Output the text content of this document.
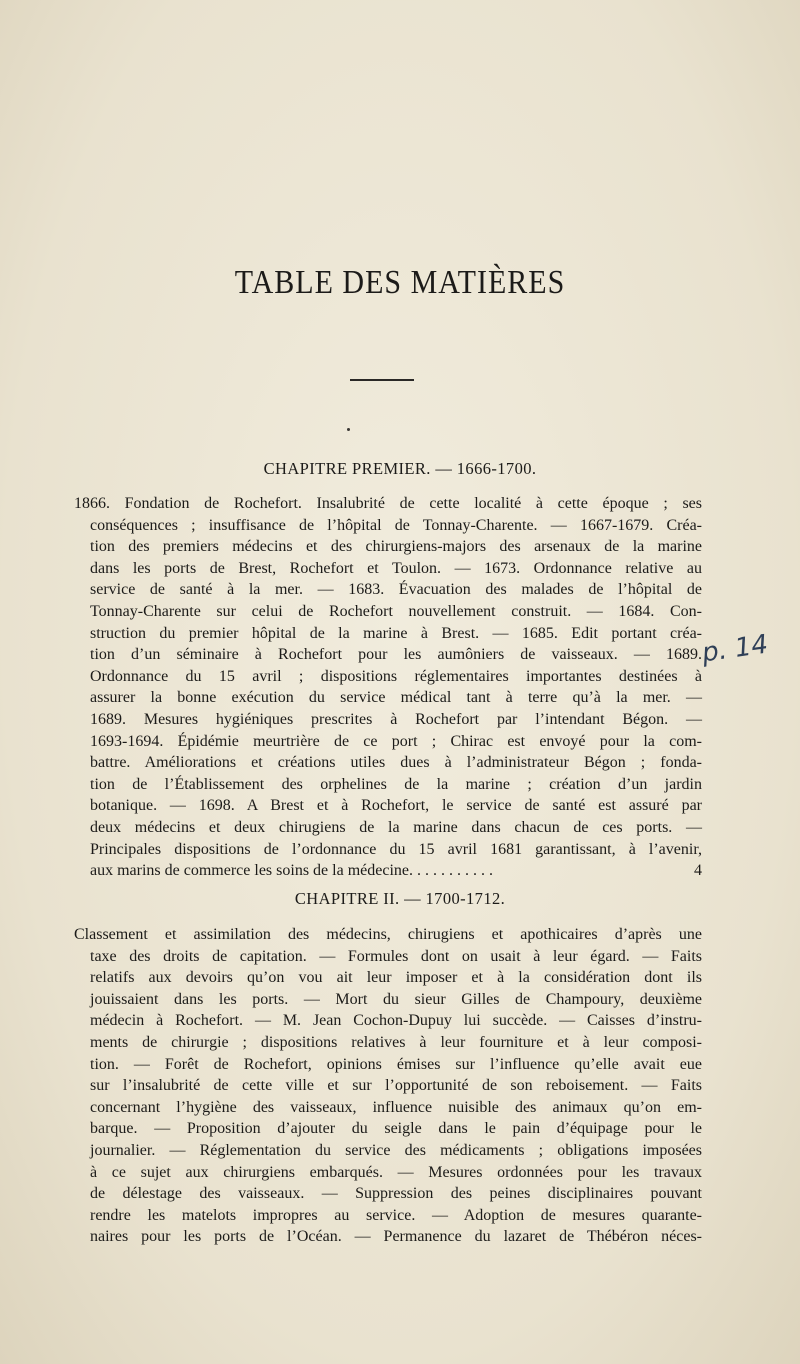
TABLE DES MATIÈRES
CHAPITRE PREMIER. — 1666-1700.
1866. Fondation de Rochefort. Insalubrité de cette localité à cette époque ; ses
conséquences ; insuffisance de l’hôpital de Tonnay-Charente. — 1667-1679. Créa-
tion des premiers médecins et des chirurgiens-majors des arsenaux de la marine
dans les ports de Brest, Rochefort et Toulon. — 1673. Ordonnance relative au
service de santé à la mer. — 1683. Évacuation des malades de l’hôpital de
Tonnay-Charente sur celui de Rochefort nouvellement construit. — 1684. Con-
struction du premier hôpital de la marine à Brest. — 1685. Edit portant créa-
tion d’un séminaire à Rochefort pour les aumôniers de vaisseaux. — 1689.
Ordonnance du 15 avril ; dispositions réglementaires importantes destinées à
assurer la bonne exécution du service médical tant à terre qu’à la mer. —
1689. Mesures hygiéniques prescrites à Rochefort par l’intendant Bégon. —
1693-1694. Épidémie meurtrière de ce port ; Chirac est envoyé pour la com-
battre. Améliorations et créations utiles dues à l’administrateur Bégon ; fonda-
tion de l’Établissement des orphelines de la marine ; création d’un jardin
botanique. — 1698. A Brest et à Rochefort, le service de santé est assuré par
deux médecins et deux chirugiens de la marine dans chacun de ces ports. —
Principales dispositions de l’ordonnance du 15 avril 1681 garantissant, à l’avenir,
aux marins de commerce les soins de la médecine. . . . . . . . . . .	4
p. 14
CHAPITRE II. — 1700-1712.
Classement et assimilation des médecins, chirugiens et apothicaires d’après une
taxe des droits de capitation. — Formules dont on usait à leur égard. — Faits
relatifs aux devoirs qu’on vou ait leur imposer et à la considération dont ils
jouissaient dans les ports. — Mort du sieur Gilles de Champoury, deuxième
médecin à Rochefort. — M. Jean Cochon-Dupuy lui succède. — Caisses d’instru-
ments de chirurgie ; dispositions relatives à leur fourniture et à leur composi-
tion. — Forêt de Rochefort, opinions émises sur l’influence qu’elle avait eue
sur l’insalubrité de cette ville et sur l’opportunité de son reboisement. — Faits
concernant l’hygiène des vaisseaux, influence nuisible des animaux qu’on em-
barque. — Proposition d’ajouter du seigle dans le pain d’équipage pour le
journalier. — Réglementation du service des médicaments ; obligations imposées
à ce sujet aux chirurgiens embarqués. — Mesures ordonnées pour les travaux
de délestage des vaisseaux. — Suppression des peines disciplinaires pouvant
rendre les matelots impropres au service. — Adoption de mesures quarante-
naires pour les ports de l’Océan. — Permanence du lazaret de Thébéron néces-
